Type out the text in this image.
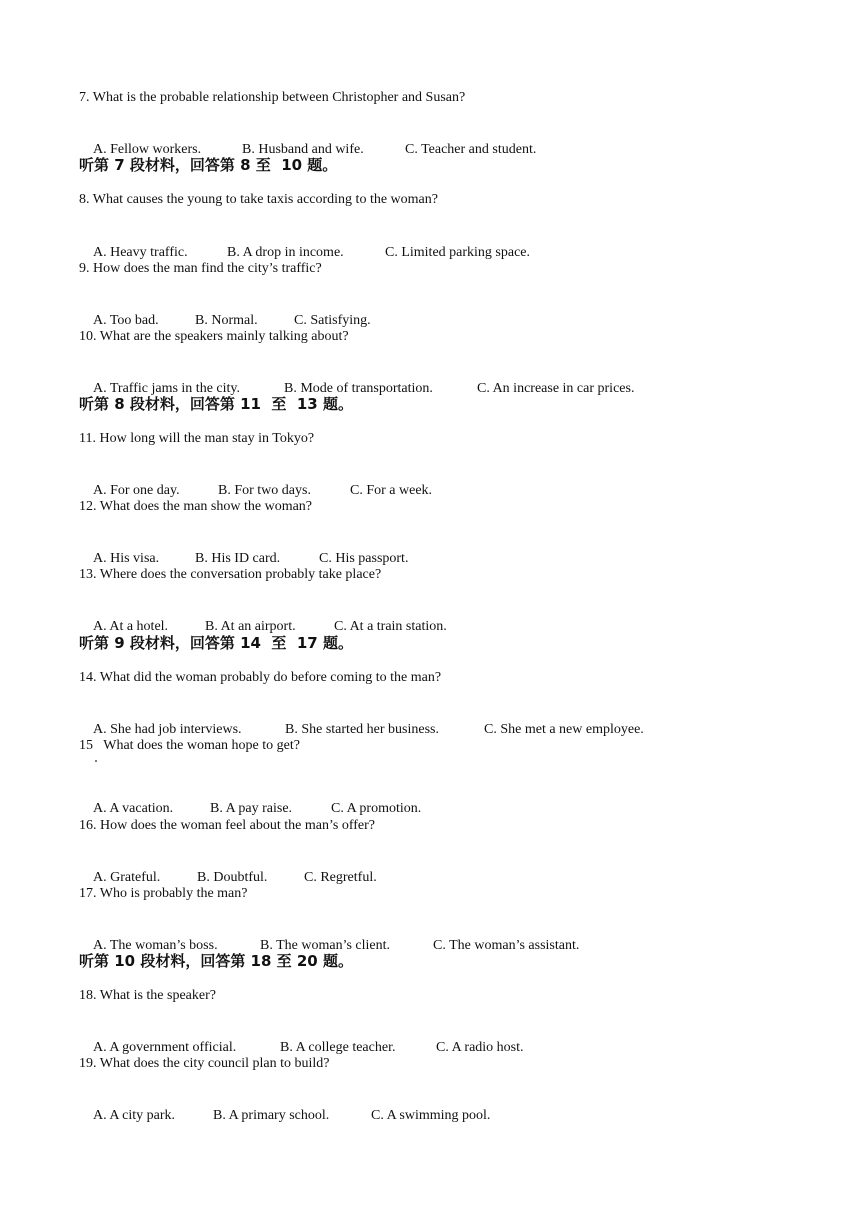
7. What is the probable relationship between Christopher and Susan?

A. Fellow workers.	B. Husband and wife.	C. Teacher and student.

听第 7 段材料，回答第 8 至  10 题。
8. What causes the young to take taxis according to the woman?

A. Heavy traffic.	B. A drop in income.	C. Limited parking space.

9. How does the man find the city’s traffic?

A. Too bad.	B. Normal.	C. Satisfying.

10. What are the speakers mainly talking about?

A. Traffic jams in the city.	B. Mode of transportation.	C. An increase in car prices.

听第 8 段材料，回答第 11  至  13 题。
11. How long will the man stay in Tokyo?

A. For one day.	B. For two days.	C. For a week.

12. What does the man show the woman?

A. His visa.	B. His ID card.	C. His passport.

13. Where does the conversation probably take place?

A. At a hotel.	B. At an airport.	C. At a train station.

听第 9 段材料，回答第 14  至  17 题。
14. What did the woman probably do before coming to the man?

A. She had job interviews.	B. She started her business.	C. She met a new employee.

15   What does the woman hope to get?

A. A vacation.	B. A pay raise.	C. A promotion.

16. How does the woman feel about the man’s offer?

A. Grateful.	B. Doubtful.	C. Regretful.

17. Who is probably the man?

A. The woman’s boss.	B. The woman’s client.	C. The woman’s assistant.

听第 10 段材料，回答第 18 至 20 题。
18. What is the speaker?

A. A government official.	B. A college teacher.	C. A radio host.

19. What does the city council plan to build?

A. A city park.	B. A primary school.	C. A swimming pool.
